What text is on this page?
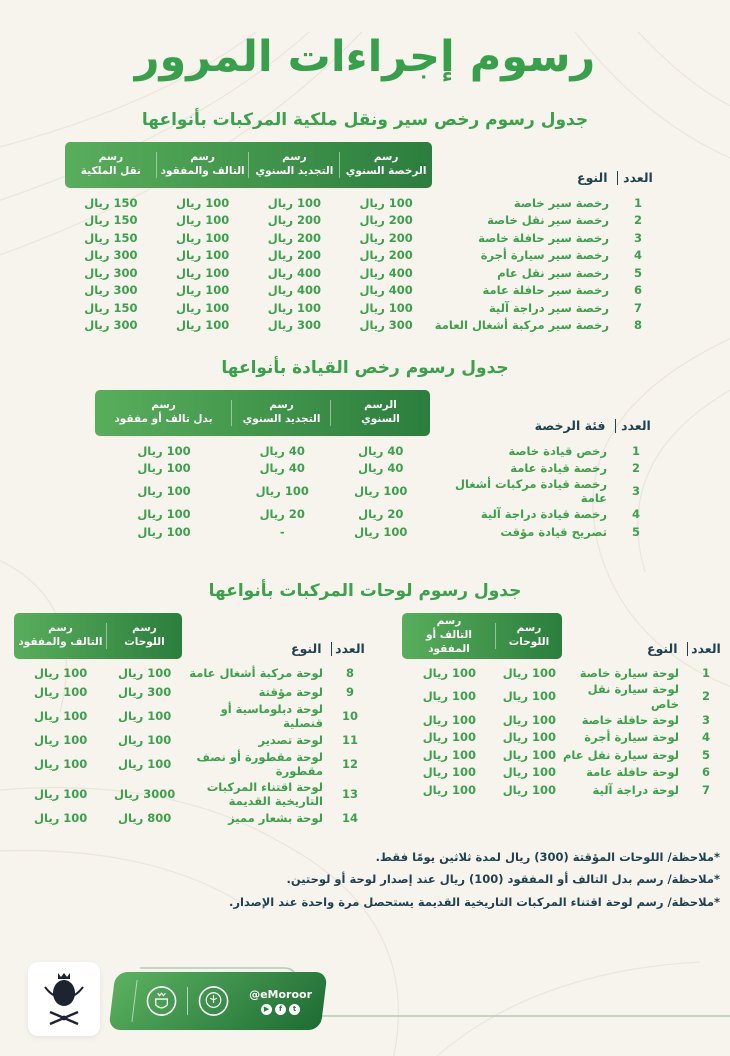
رسوم إجراءات المرور
جدول رسوم رخص سير ونقل ملكية المركبات بأنواعها
العدد
النوع
رسم
الرخصة السنوي
رسم
التجديد السنوي
رسم
التالف والمفقود
رسم
نقل الملكية
1
رخصة سير خاصة
100 ريال
100 ريال
100 ريال
150 ريال
2
رخصة سير نقل خاصة
200 ريال
200 ريال
100 ريال
150 ريال
3
رخصة سير حافلة خاصة
200 ريال
200 ريال
100 ريال
150 ريال
4
رخصة سير سيارة أجرة
200 ريال
200 ريال
100 ريال
300 ريال
5
رخصة سير نقل عام
400 ريال
400 ريال
100 ريال
300 ريال
6
رخصة سير حافلة عامة
400 ريال
400 ريال
100 ريال
300 ريال
7
رخصة سير دراجة آلية
100 ريال
100 ريال
100 ريال
150 ريال
8
رخصة سير مركبة أشغال العامة
300 ريال
300 ريال
100 ريال
300 ريال
جدول رسوم رخص القيادة بأنواعها
العدد
فئة الرخصة
الرسم
السنوي
رسم
التجديد السنوي
رسم
بدل تالف أو مفقود
1
رخص قيادة خاصة
40 ريال
40 ريال
100 ريال
2
رخصة قيادة عامة
40 ريال
40 ريال
100 ريال
3
رخصة قيادة مركبات أشغال عامة
100 ريال
100 ريال
100 ريال
4
رخصة قيادة دراجة آلية
20 ريال
20 ريال
100 ريال
5
تصريح قيادة مؤقت
100 ريال
-
100 ريال
جدول رسوم لوحات المركبات بأنواعها
العدد
النوع
رسم
اللوحات
رسم
التالف أو المفقود
1
لوحة سيارة خاصة
100 ريال
100 ريال
2
لوحة سيارة نقل خاص
100 ريال
100 ريال
3
لوحة حافلة خاصة
100 ريال
100 ريال
4
لوحة سيارة أجرة
100 ريال
100 ريال
5
لوحة سيارة نقل عام
100 ريال
100 ريال
6
لوحة حافلة عامة
100 ريال
100 ريال
7
لوحة دراجة آلية
100 ريال
100 ريال
العدد
النوع
رسم
اللوحات
رسم
التالف والمفقود
8
لوحة مركبة أشغال عامة
100 ريال
100 ريال
9
لوحة مؤقتة
300 ريال
100 ريال
10
لوحة دبلوماسية أو قنصلية
100 ريال
100 ريال
11
لوحة تصدير
100 ريال
100 ريال
12
لوحة مقطورة أو نصف مقطورة
100 ريال
100 ريال
13
لوحة اقتناء المركبات التاريخية القديمة
3000 ريال
100 ريال
14
لوحة بشعار مميز
800 ريال
100 ريال
*ملاحظة/ اللوحات المؤقتة (300) ريال لمدة ثلاثين يومًا فقط.
*ملاحظة/ رسم بدل التالف أو المفقود (100) ريال عند إصدار لوحة أو لوحتين.
*ملاحظة/ رسم لوحة اقتناء المركبات التاريخية القديمة يستحصل مرة واحدة عند الإصدار.
@eMoroor
t
f
▶
